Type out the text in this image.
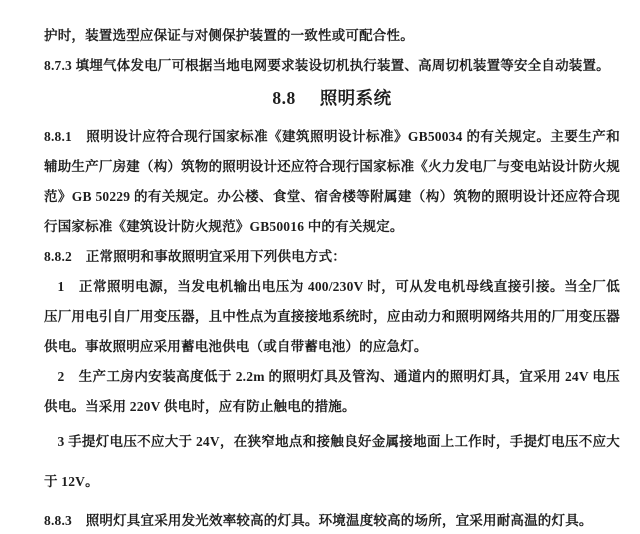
护时，装置选型应保证与对侧保护装置的一致性或可配合性。

8.7.3 填埋气体发电厂可根据当地电网要求装设切机执行装置、高周切机装置等安全自动装置。

8.8 照明系统

8.8.1　照明设计应符合现行国家标准《建筑照明设计标准》GB50034 的有关规定。主要生产和辅助生产厂房建（构）筑物的照明设计还应符合现行国家标准《火力发电厂与变电站设计防火规范》GB 50229 的有关规定。办公楼、食堂、宿舍楼等附属建（构）筑物的照明设计还应符合现行国家标准《建筑设计防火规范》GB50016 中的有关规定。

8.8.2　正常照明和事故照明宜采用下列供电方式：

1　正常照明电源，当发电机输出电压为 400/230V 时，可从发电机母线直接引接。当全厂低压厂用电引自厂用变压器，且中性点为直接接地系统时，应由动力和照明网络共用的厂用变压器供电。事故照明应采用蓄电池供电（或自带蓄电池）的应急灯。

2　生产工房内安装高度低于 2.2m 的照明灯具及管沟、通道内的照明灯具，宜采用 24V 电压供电。当采用 220V 供电时，应有防止触电的措施。

3 手提灯电压不应大于 24V，在狭窄地点和接触良好金属接地面上工作时，手提灯电压不应大于 12V。

8.8.3　照明灯具宜采用发光效率较高的灯具。环境温度较高的场所，宜采用耐高温的灯具。
